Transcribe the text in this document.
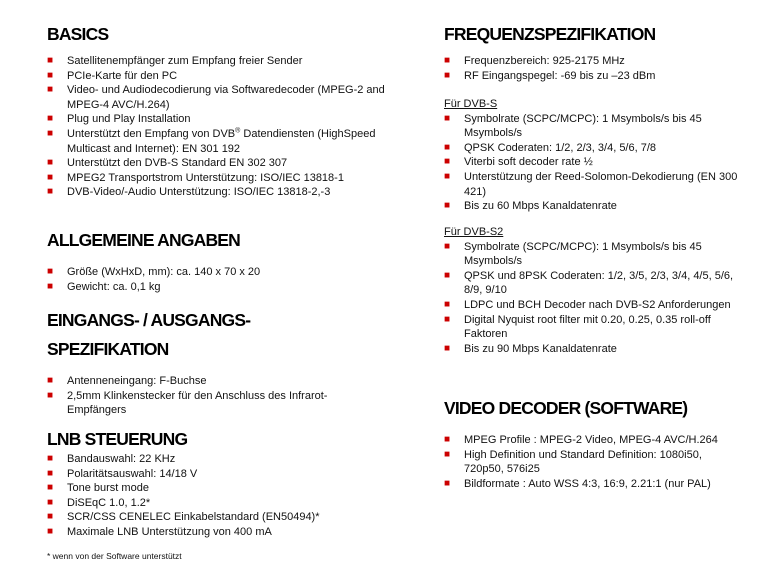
BASICS
■ Satellitenempfänger zum Empfang freier Sender
■ PCIe-Karte für den PC
■ Video- und Audiodecodierung via Softwaredecoder (MPEG-2 and MPEG-4 AVC/H.264)
■ Plug und Play Installation
■ Unterstützt den Empfang von DVB® Datendiensten (HighSpeed Multicast and Internet): EN 301 192
■ Unterstützt den DVB-S Standard EN 302 307
■ MPEG2 Transportstrom Unterstützung: ISO/IEC 13818-1
■ DVB-Video/-Audio Unterstützung: ISO/IEC 13818-2,-3
ALLGEMEINE ANGABEN
■ Größe (WxHxD, mm): ca. 140 x 70 x 20
■ Gewicht: ca. 0,1 kg
EINGANGS- / AUSGANGS-
SPEZIFIKATION
■ Antenneneingang: F-Buchse
■ 2,5mm Klinkenstecker für den Anschluss des Infrarot-Empfängers
LNB STEUERUNG
■ Bandauswahl: 22 KHz
■ Polaritätsauswahl: 14/18 V
■ Tone burst mode
■ DiSEqC 1.0, 1.2*
■ SCR/CSS CENELEC Einkabelstandard (EN50494)*
■ Maximale LNB Unterstützung von 400 mA
* wenn von der Software unterstützt
FREQUENZSPEZIFIKATION
■ Frequenzbereich: 925-2175 MHz
■ RF Eingangspegel: -69 bis zu –23 dBm

Für DVB-S

■ Symbolrate (SCPC/MCPC): 1 Msymbols/s bis 45 Msymbols/s
■ QPSK Coderaten: 1/2, 2/3, 3/4, 5/6, 7/8
■ Viterbi soft decoder rate ½
■ Unterstützung der Reed-Solomon-Dekodierung (EN 300 421)
■ Bis zu 60 Mbps Kanaldatenrate

Für DVB-S2

■ Symbolrate (SCPC/MCPC): 1 Msymbols/s bis 45 Msymbols/s
■ QPSK und 8PSK Coderaten: 1/2, 3/5, 2/3, 3/4, 4/5, 5/6, 8/9, 9/10
■ LDPC und BCH Decoder nach DVB-S2 Anforderungen
■ Digital Nyquist root filter mit 0.20, 0.25, 0.35 roll-off Faktoren
■ Bis zu 90 Mbps Kanaldatenrate
VIDEO DECODER (SOFTWARE)
■ MPEG Profile : MPEG-2 Video, MPEG-4 AVC/H.264
■ High Definition und Standard Definition: 1080i50, 720p50, 576i25
■ Bildformate : Auto WSS 4:3, 16:9, 2.21:1 (nur PAL)
